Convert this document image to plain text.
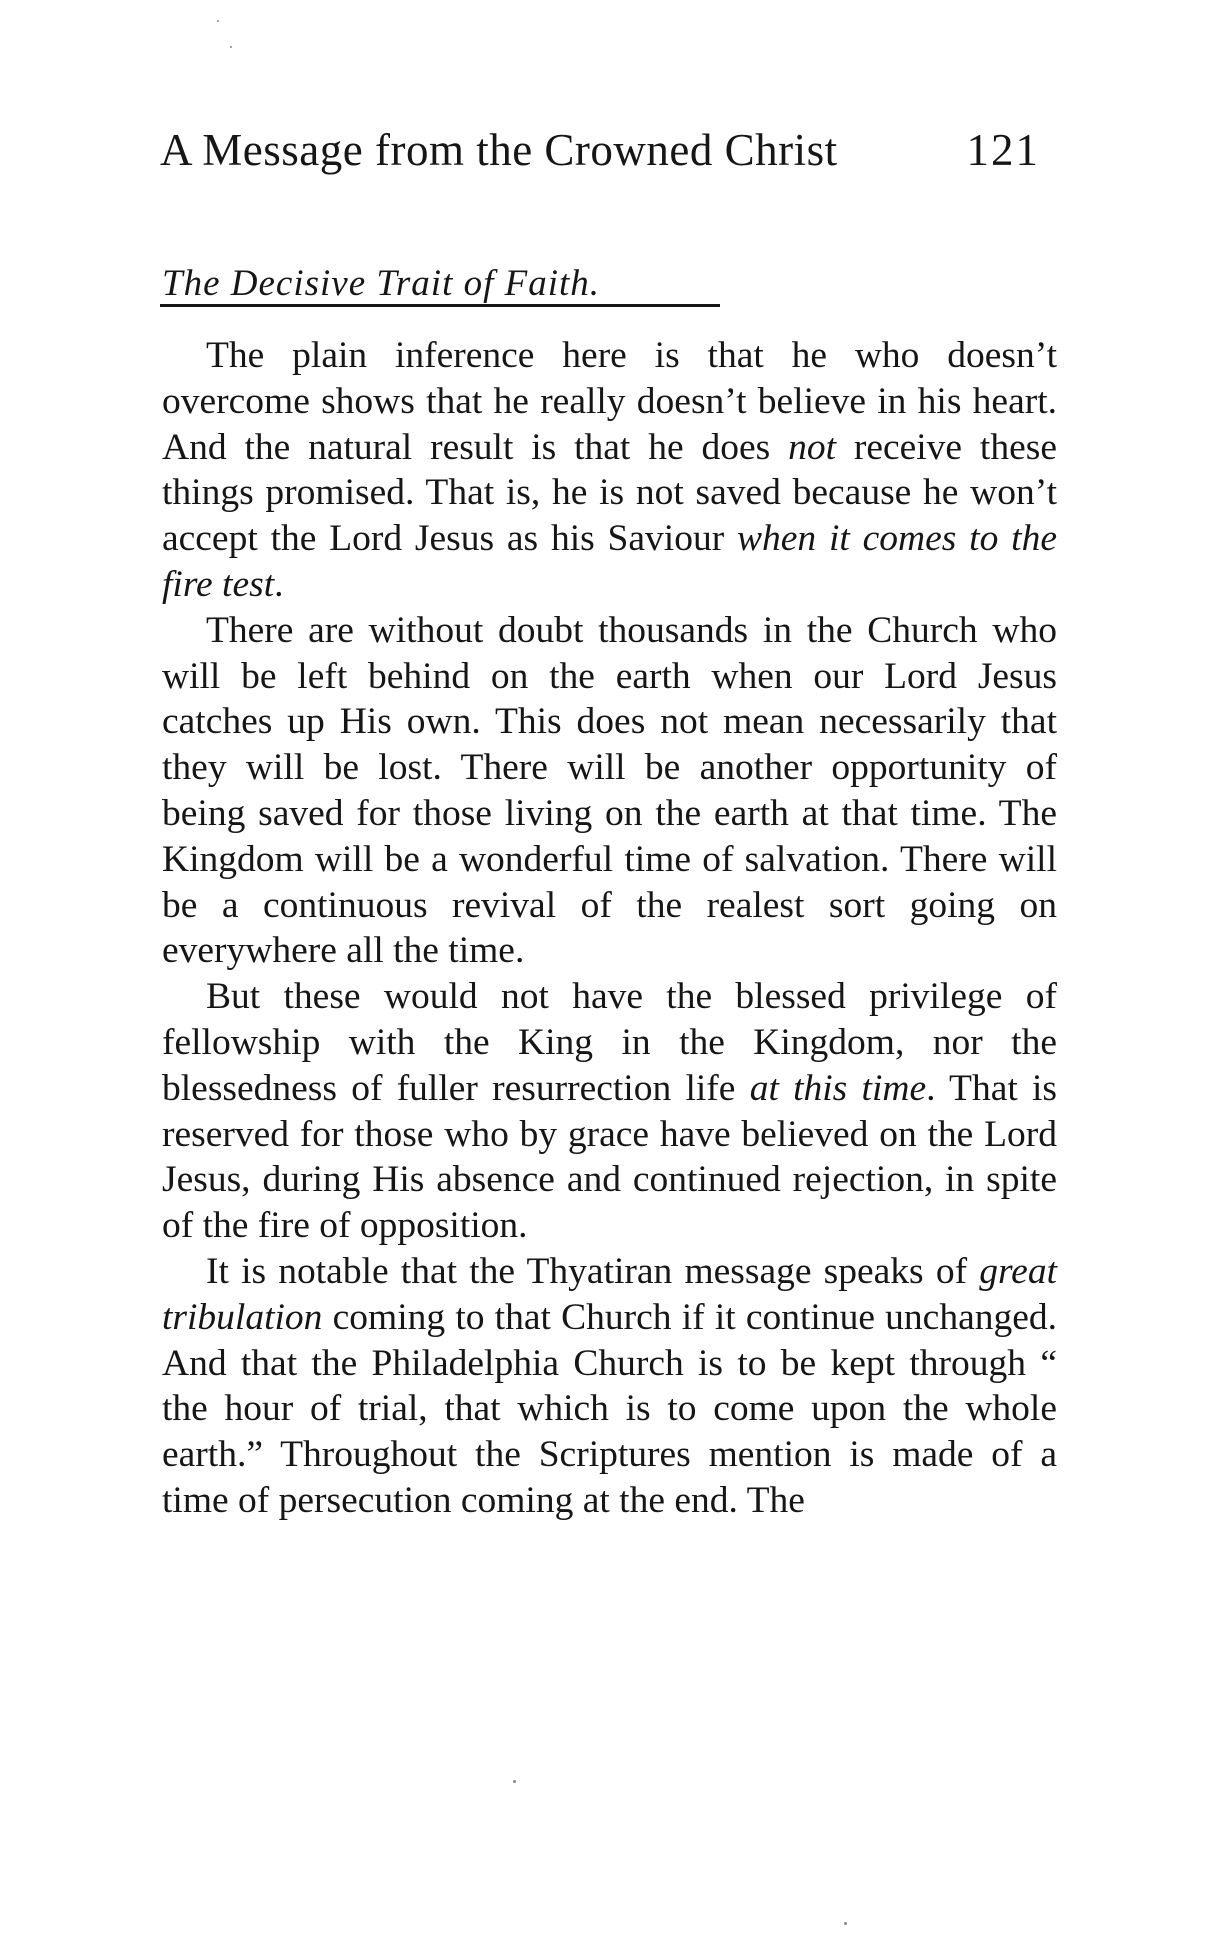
A Message from the Crowned Christ	121
The Decisive Trait of Faith.

The plain inference here is that he who doesn’t overcome shows that he really doesn’t believe in his heart. And the natural result is that he does not receive these things promised. That is, he is not saved because he won’t accept the Lord Jesus as his Saviour when it comes to the fire test.

There are without doubt thousands in the Church who will be left behind on the earth when our Lord Jesus catches up His own. This does not mean necessarily that they will be lost. There will be another opportunity of being saved for those living on the earth at that time. The Kingdom will be a wonderful time of salvation. There will be a continuous revival of the realest sort going on everywhere all the time.

But these would not have the blessed privilege of fellowship with the King in the Kingdom, nor the blessedness of fuller resurrection life at this time. That is reserved for those who by grace have believed on the Lord Jesus, during His absence and continued rejection, in spite of the fire of opposition.

It is notable that the Thyatiran message speaks of great tribulation coming to that Church if it continue unchanged. And that the Philadelphia Church is to be kept through “ the hour of trial, that which is to come upon the whole earth.” Throughout the Scriptures mention is made of a time of persecution coming at the end. The
